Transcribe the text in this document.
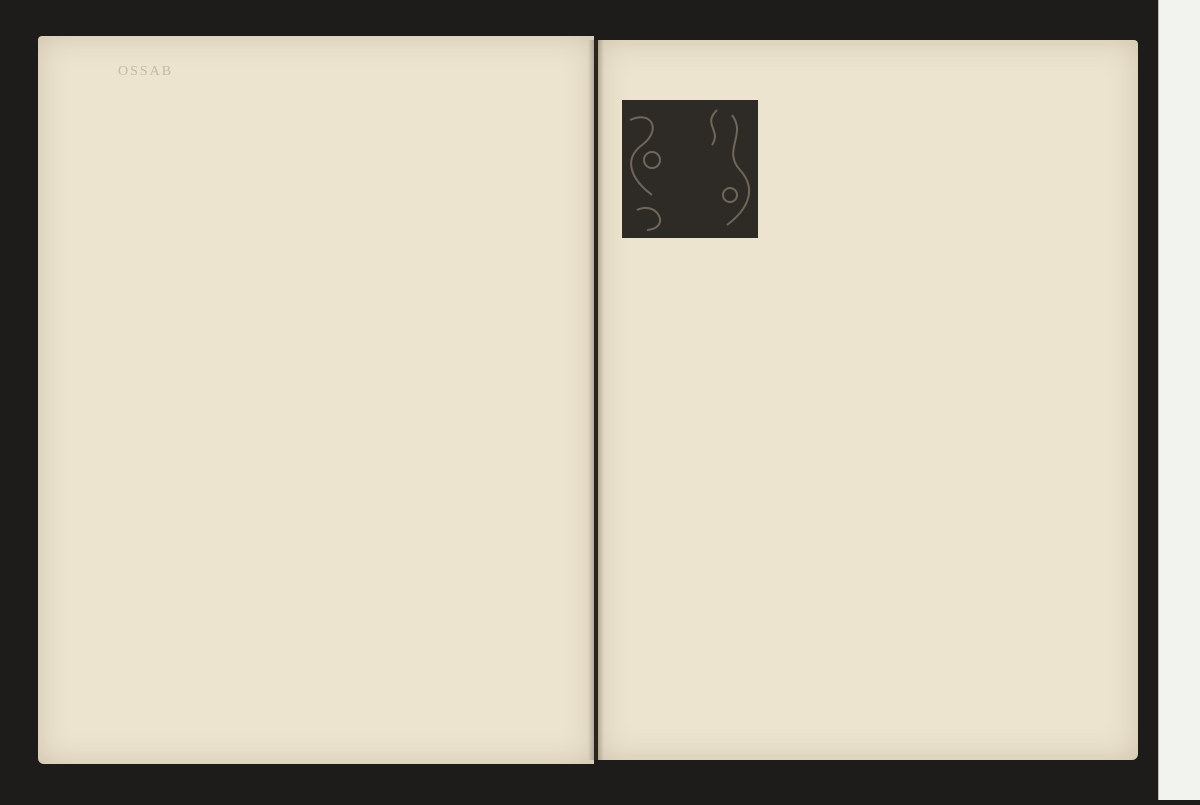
OSSAB
